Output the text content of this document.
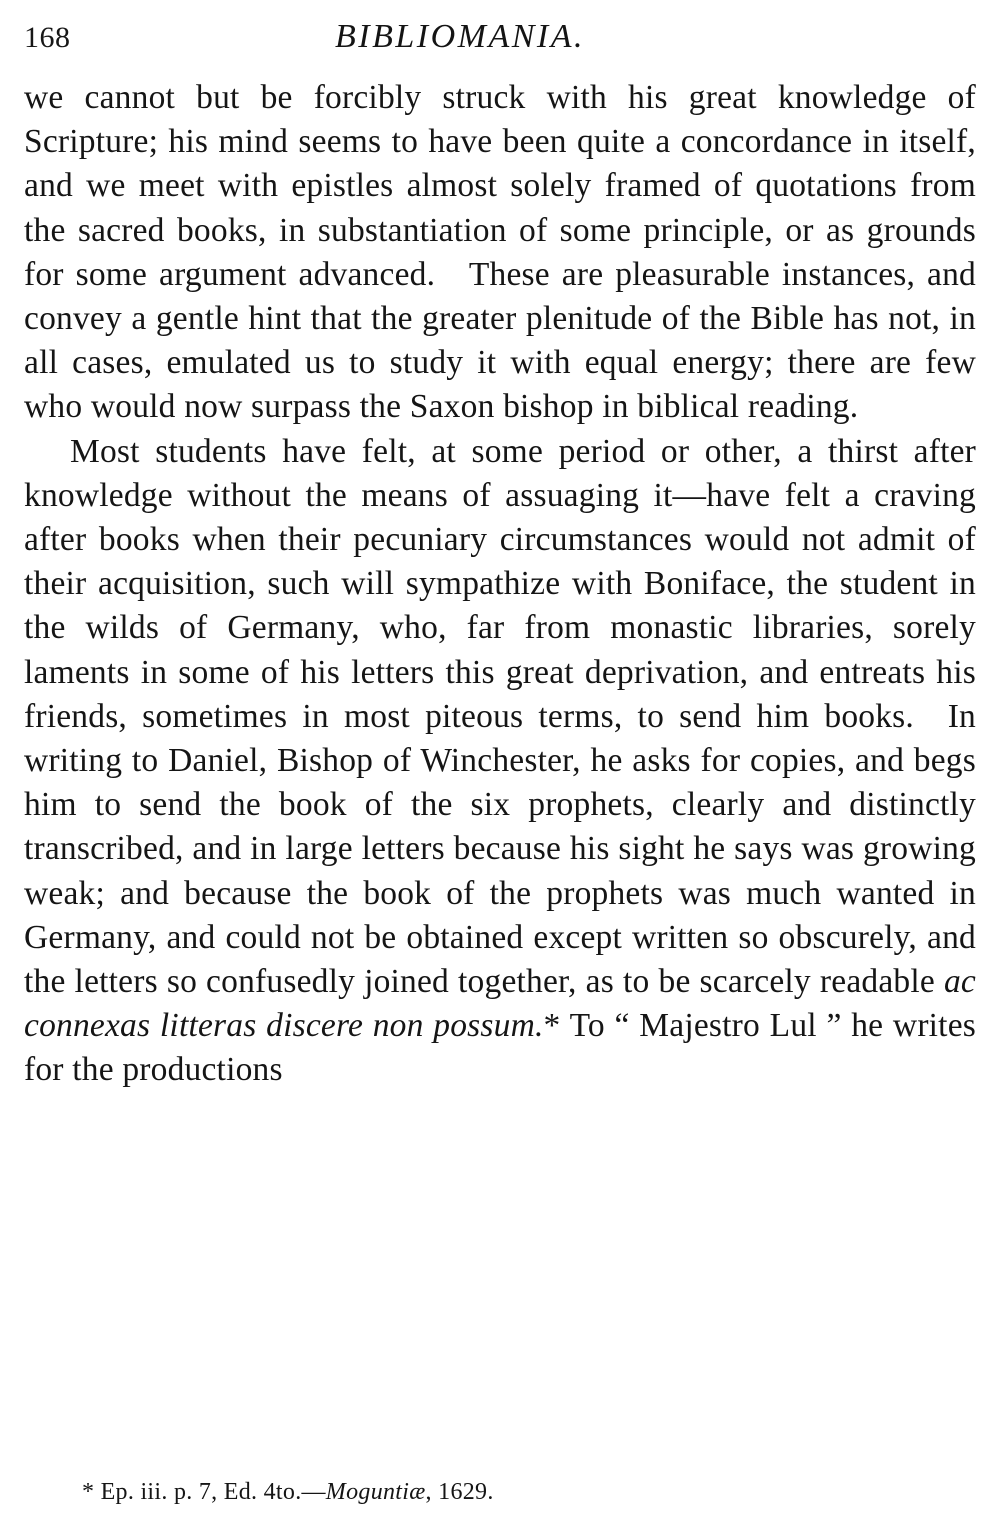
168	BIBLIOMANIA.

we cannot but be forcibly struck with his great knowledge of Scripture; his mind seems to have been quite a concordance in itself, and we meet with epistles almost solely framed of quotations from the sacred books, in substantiation of some principle, or as grounds for some argument advanced. These are pleasurable instances, and convey a gentle hint that the greater plenitude of the Bible has not, in all cases, emulated us to study it with equal energy; there are few who would now surpass the Saxon bishop in biblical reading.

Most students have felt, at some period or other, a thirst after knowledge without the means of assuaging it—have felt a craving after books when their pecuniary circumstances would not admit of their acquisition, such will sympathize with Boniface, the student in the wilds of Germany, who, far from monastic libraries, sorely laments in some of his letters this great deprivation, and entreats his friends, sometimes in most piteous terms, to send him books. In writing to Daniel, Bishop of Winchester, he asks for copies, and begs him to send the book of the six prophets, clearly and distinctly transcribed, and in large letters because his sight he says was growing weak; and because the book of the prophets was much wanted in Germany, and could not be obtained except written so obscurely, and the letters so confusedly joined together, as to be scarcely readable ac connexas litteras discere non possum.* To “ Majestro Lul ” he writes for the productions

* Ep. iii. p. 7, Ed. 4to.—Moguntiæ, 1629.
